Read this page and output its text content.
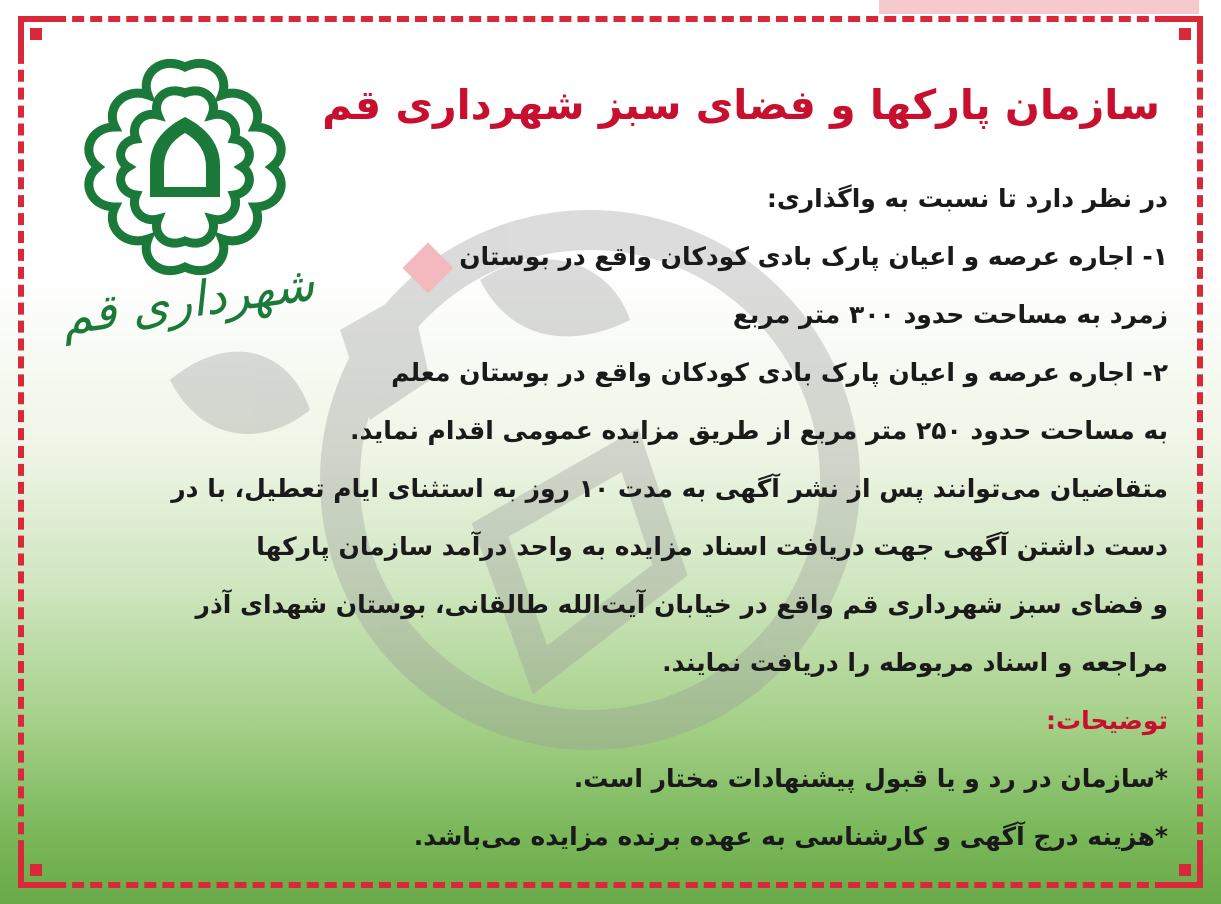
شهرداری قم
سازمان پارکها و فضای سبز شهرداری قم
در نظر دارد تا نسبت به واگذاری:
۱- اجاره عرصه و اعیان پارک بادی کودکان واقع در بوستان
زمرد به مساحت حدود ۳۰۰ متر مربع
۲- اجاره عرصه و اعیان پارک بادی کودکان واقع در بوستان معلم
به مساحت حدود ۲۵۰ متر مربع از طریق مزایده عمومی اقدام نماید.
متقاضیان می‌توانند پس از نشر آگهی به مدت ۱۰ روز به استثنای ایام تعطیل، با در
دست داشتن آگهی جهت دریافت اسناد مزایده به واحد درآمد سازمان پارکها
و فضای سبز شهرداری قم واقع در خیابان آیت‌الله طالقانی، بوستان شهدای آذر
مراجعه و اسناد مربوطه را دریافت نمایند.
توضیحات:
*سازمان در رد و یا قبول پیشنهادات مختار است.
*هزینه درج آگهی و کارشناسی به عهده برنده مزایده می‌باشد.
